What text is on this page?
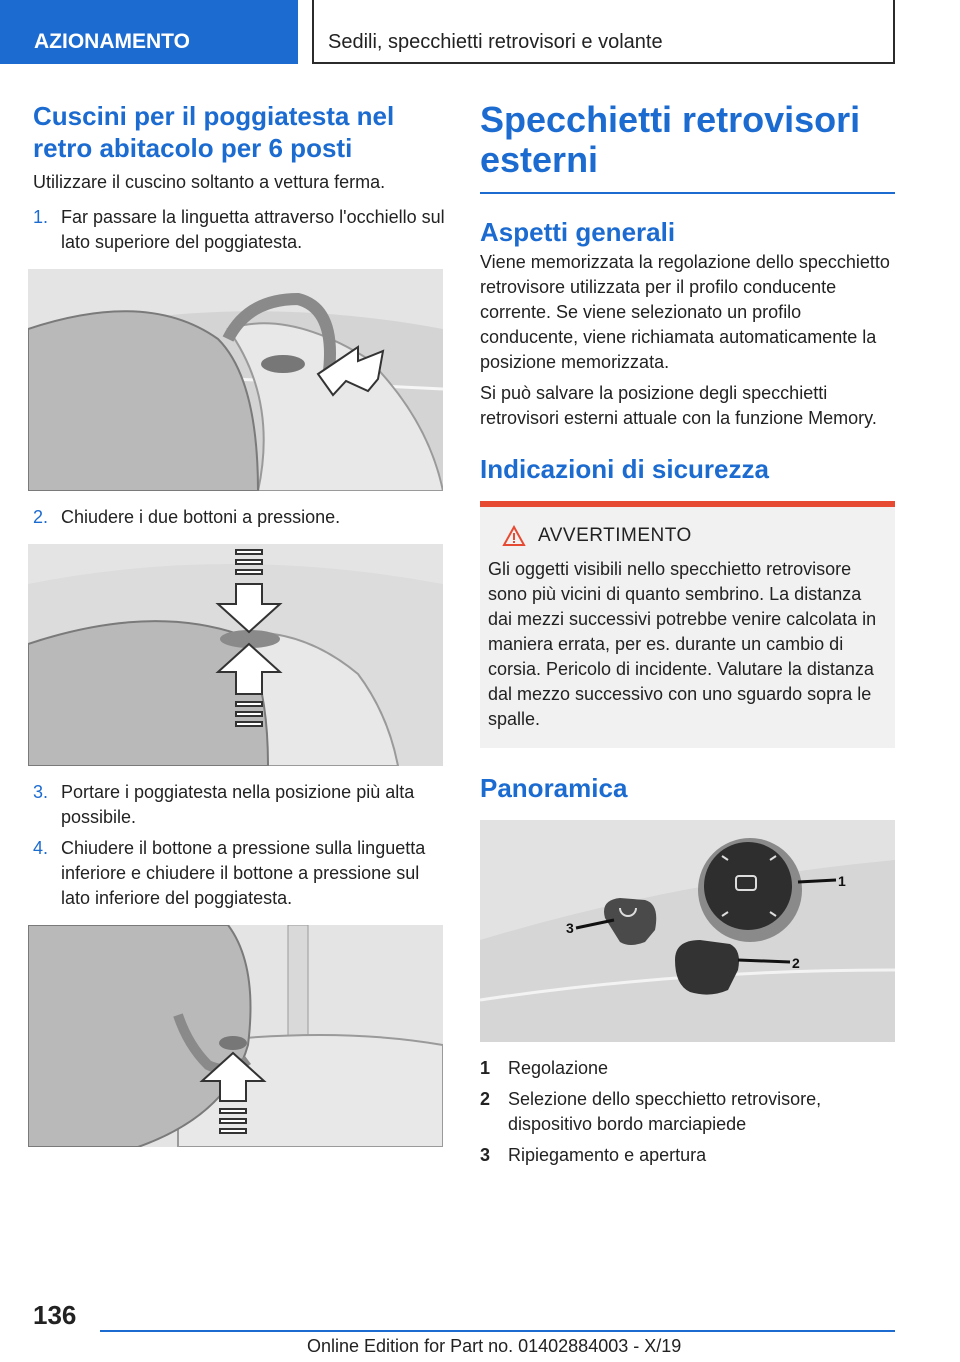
AZIONAMENTO	Sedili, specchietti retrovisori e volante
Cuscini per il poggiatesta nel retro abitacolo per 6 posti

Utilizzare il cuscino soltanto a vettura ferma.

1. Far passare la linguetta attraverso l'occhiello sul lato superiore del poggiatesta.
2. Chiudere i due bottoni a pressione.
3. Portare i poggiatesta nella posizione più alta possibile.
4. Chiudere il bottone a pressione sulla linguetta inferiore e chiudere il bottone a pressione sul lato inferiore del poggiatesta.
Specchietti retrovisori esterni
Aspetti generali

Viene memorizzata la regolazione dello specchietto retrovisore utilizzata per il profilo conducente corrente. Se viene selezionato un profilo conducente, viene richiamata automaticamente la posizione memorizzata.

Si può salvare la posizione degli specchietti retrovisori esterni attuale con la funzione Memory.

Indicazioni di sicurezza
AVVERTIMENTO

Gli oggetti visibili nello specchietto retrovisore sono più vicini di quanto sembrino. La distanza dai mezzi successivi potrebbe venire calcolata in maniera errata, per es. durante un cambio di corsia. Pericolo di incidente. Valutare la distanza dal mezzo successivo con uno sguardo sopra le spalle.

Panoramica
1
2
3
1 Regolazione
2 Selezione dello specchietto retrovisore, dispositivo bordo marciapiede
3 Ripiegamento e apertura
136
Online Edition for Part no. 01402884003 - X/19
